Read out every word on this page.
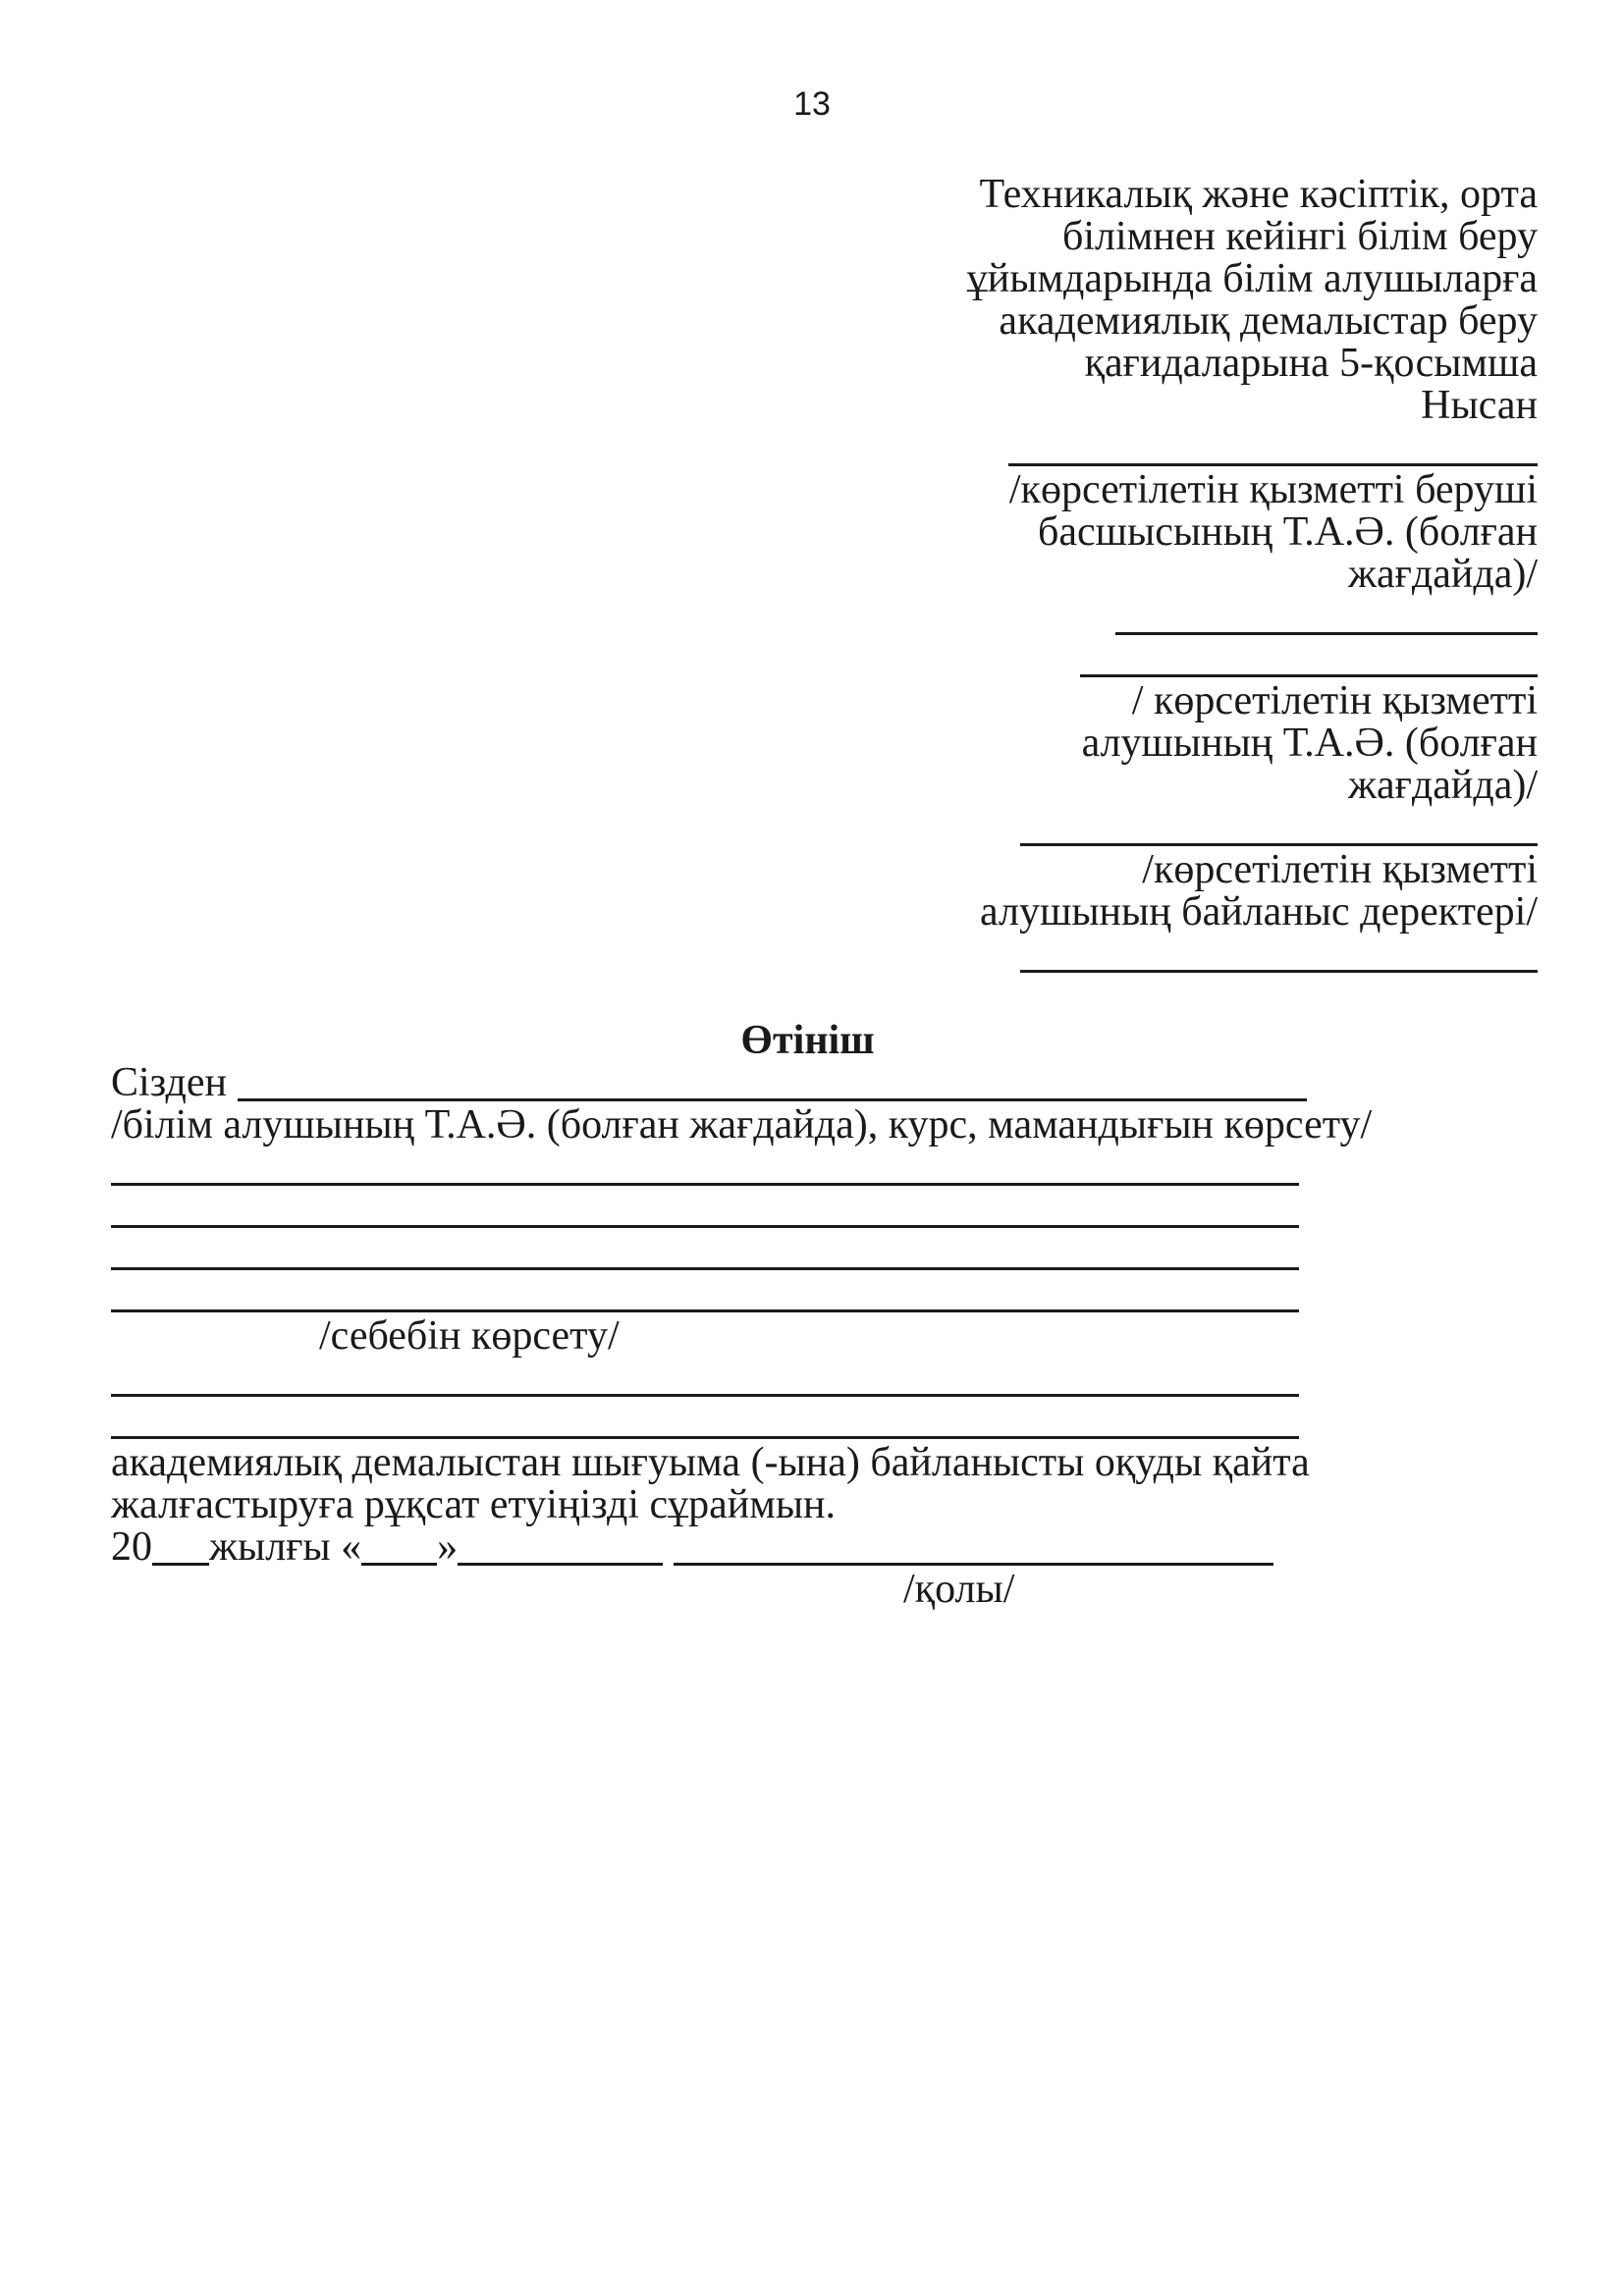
13
Техникалық және кәсіптік, орта
білімнен кейінгі білім беру
ұйымдарында білім алушыларға
академиялық демалыстар беру
қағидаларына 5-қосымша
Нысан
/көрсетілетін қызметті беруші
басшысының Т.А.Ә. (болған
жағдайда)/
/ көрсетілетін қызметті
алушының Т.А.Ә. (болған
жағдайда)/
/көрсетілетін қызметті
алушының байланыс деректері/
Өтініш
Сізден
/білім алушының Т.А.Ә. (болған жағдайда), курс, мамандығын көрсету/
/себебін көрсету/
академиялық демалыстан шығуыма (-ына) байланысты оқуды қайта
жалғастыруға рұқсат етуіңізді сұраймын.
20 жылғы « »
/қолы/
